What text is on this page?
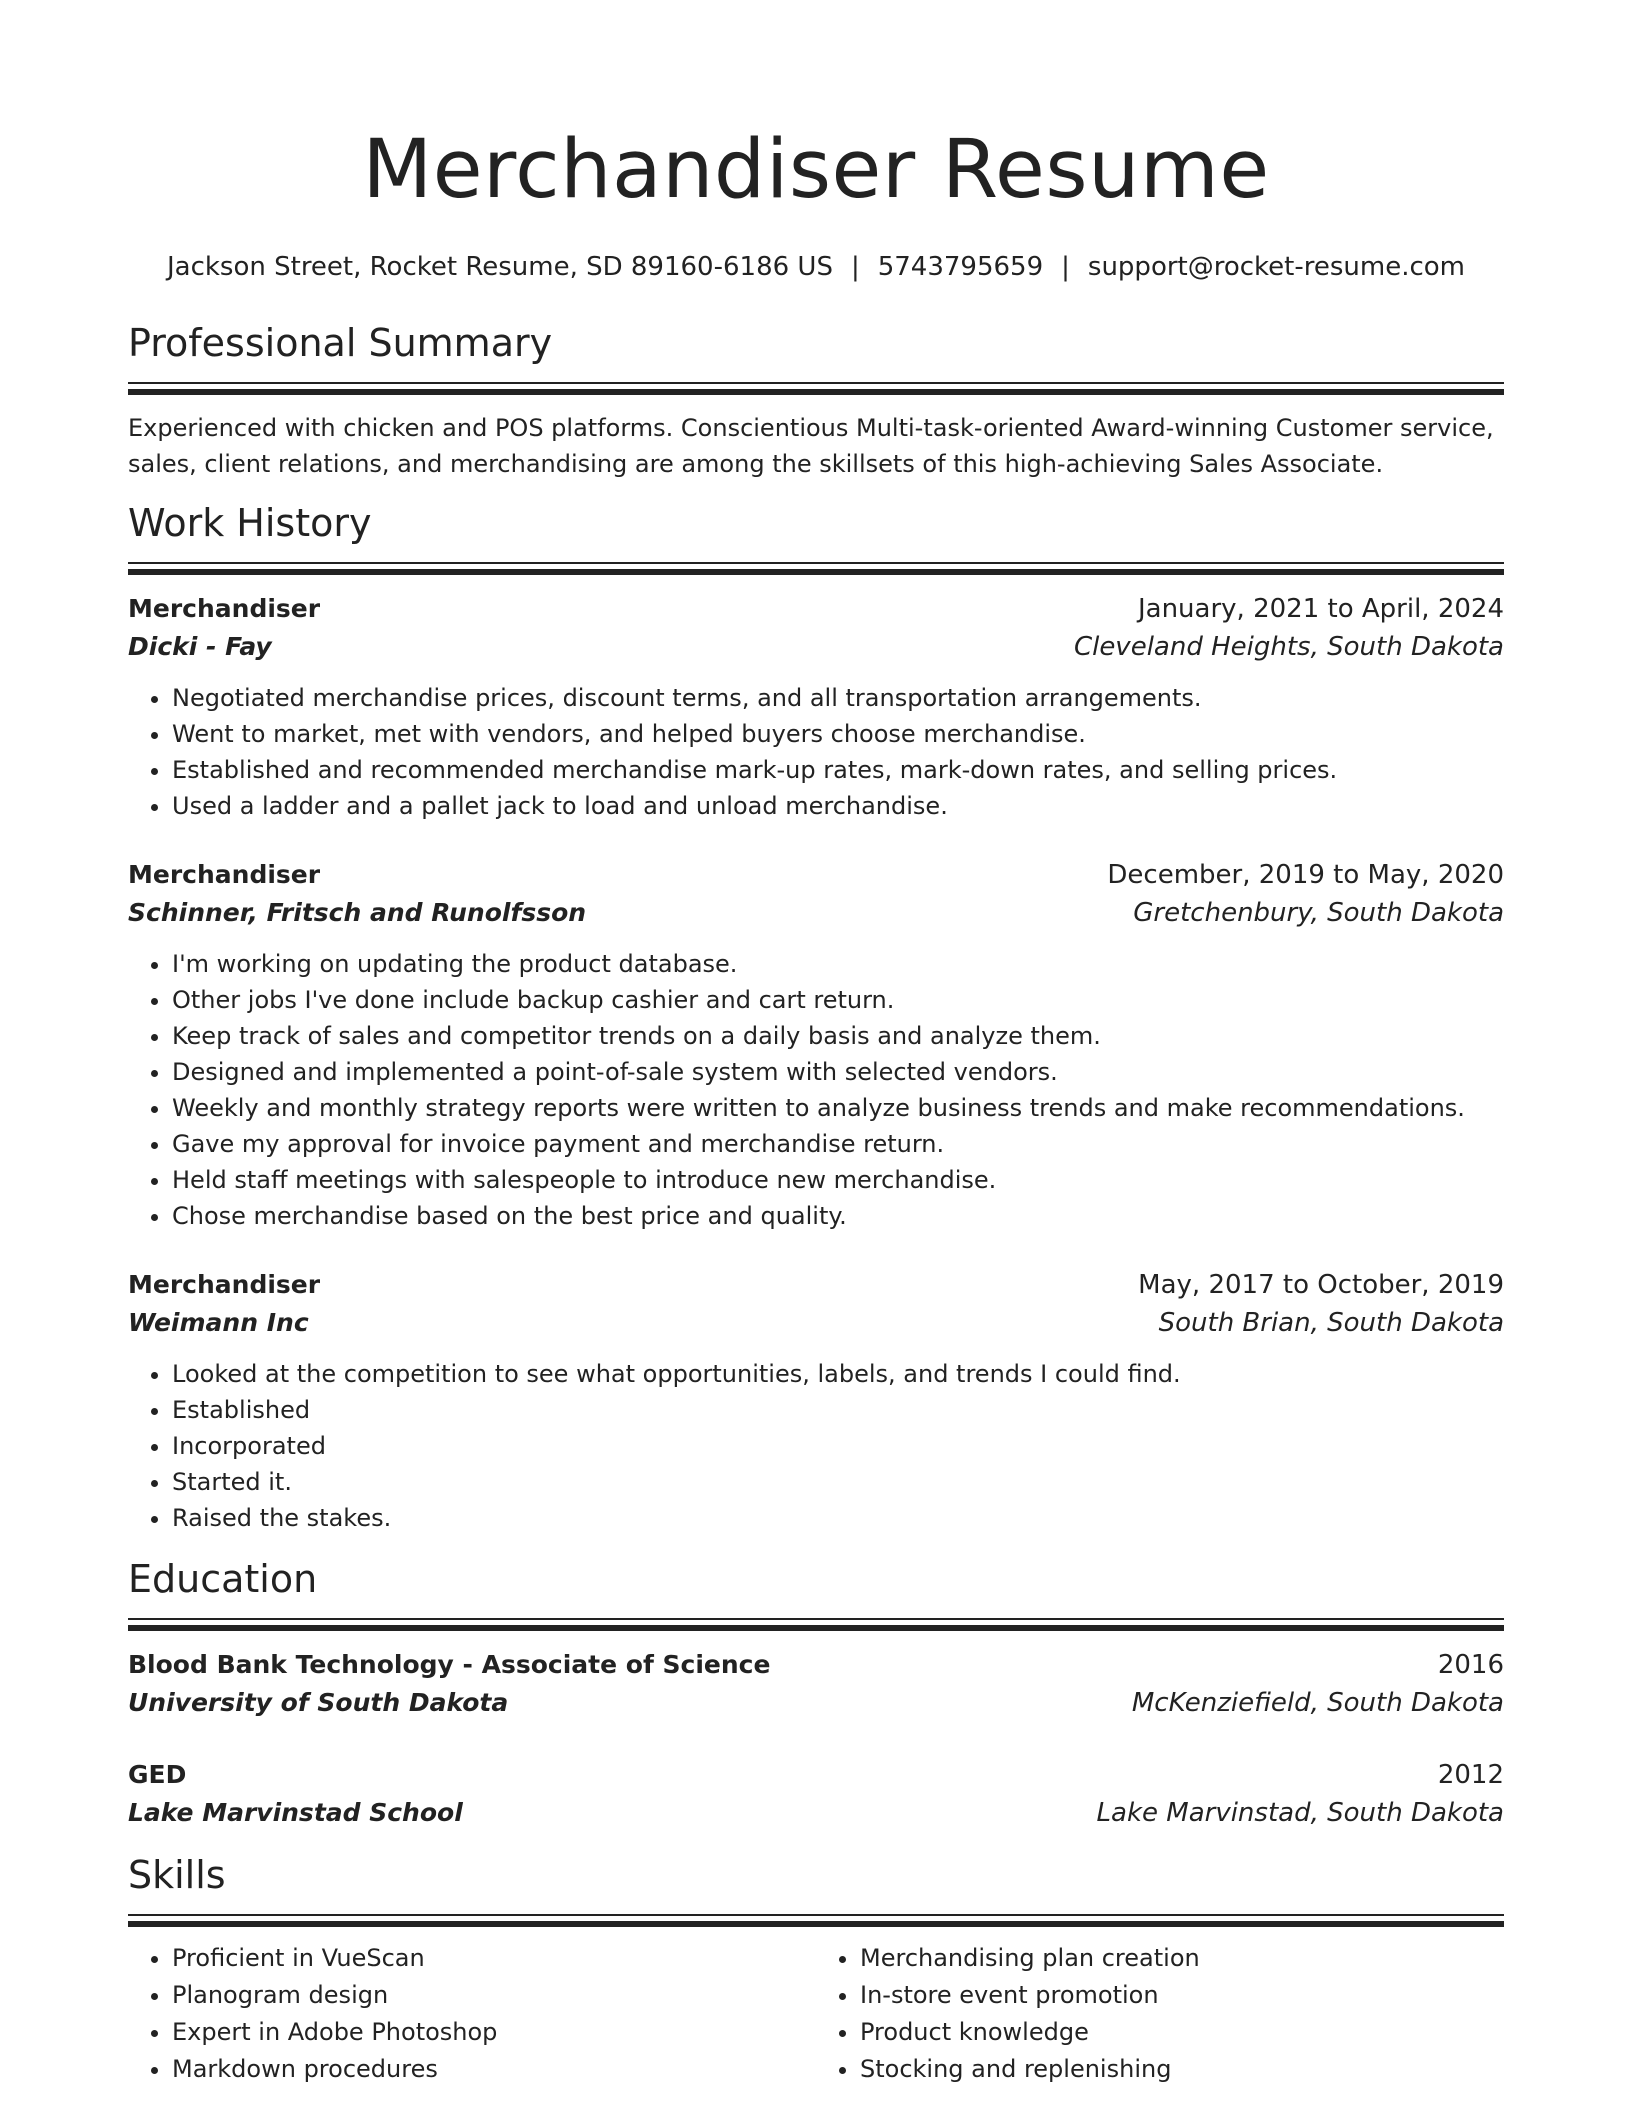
Merchandiser Resume
Jackson Street, Rocket Resume, SD 89160-6186 US | 5743795659 | support@rocket-resume.com
Professional Summary
Experienced with chicken and POS platforms. Conscientious Multi-task-oriented Award-winning Customer service, sales, client relations, and merchandising are among the skillsets of this high-achieving Sales Associate.
Work History
Merchandiser	January, 2021 to April, 2024
Dicki - Fay	Cleveland Heights, South Dakota
• Negotiated merchandise prices, discount terms, and all transportation arrangements.
• Went to market, met with vendors, and helped buyers choose merchandise.
• Established and recommended merchandise mark-up rates, mark-down rates, and selling prices.
• Used a ladder and a pallet jack to load and unload merchandise.
Merchandiser	December, 2019 to May, 2020
Schinner, Fritsch and Runolfsson	Gretchenbury, South Dakota
• I'm working on updating the product database.
• Other jobs I've done include backup cashier and cart return.
• Keep track of sales and competitor trends on a daily basis and analyze them.
• Designed and implemented a point-of-sale system with selected vendors.
• Weekly and monthly strategy reports were written to analyze business trends and make recommendations.
• Gave my approval for invoice payment and merchandise return.
• Held staff meetings with salespeople to introduce new merchandise.
• Chose merchandise based on the best price and quality.
Merchandiser	May, 2017 to October, 2019
Weimann Inc	South Brian, South Dakota
• Looked at the competition to see what opportunities, labels, and trends I could find.
• Established
• Incorporated
• Started it.
• Raised the stakes.
Education
Blood Bank Technology - Associate of Science	2016
University of South Dakota	McKenziefield, South Dakota
GED	2012
Lake Marvinstad School	Lake Marvinstad, South Dakota
Skills
• Proficient in VueScan
• Planogram design
• Expert in Adobe Photoshop
• Markdown procedures
• Merchandising plan creation
• In-store event promotion
• Product knowledge
• Stocking and replenishing
